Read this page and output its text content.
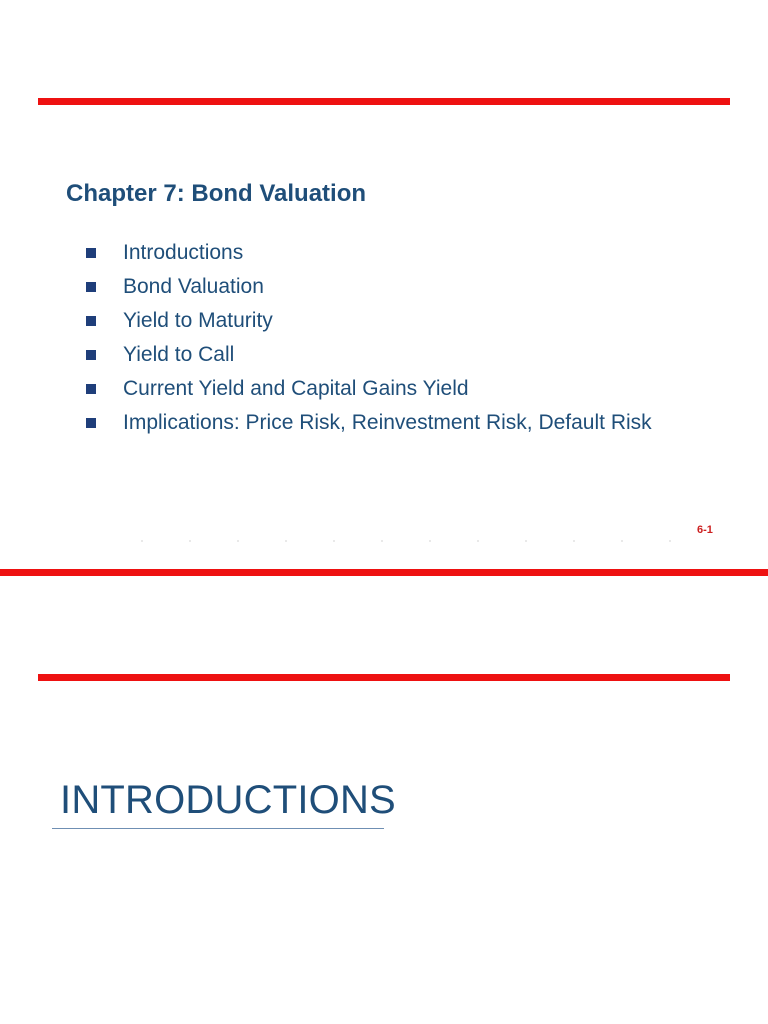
Chapter 7: Bond Valuation
Introductions
Bond Valuation
Yield to Maturity
Yield to Call
Current Yield and Capital Gains Yield
Implications: Price Risk, Reinvestment Risk, Default Risk
6-1
INTRODUCTIONS
